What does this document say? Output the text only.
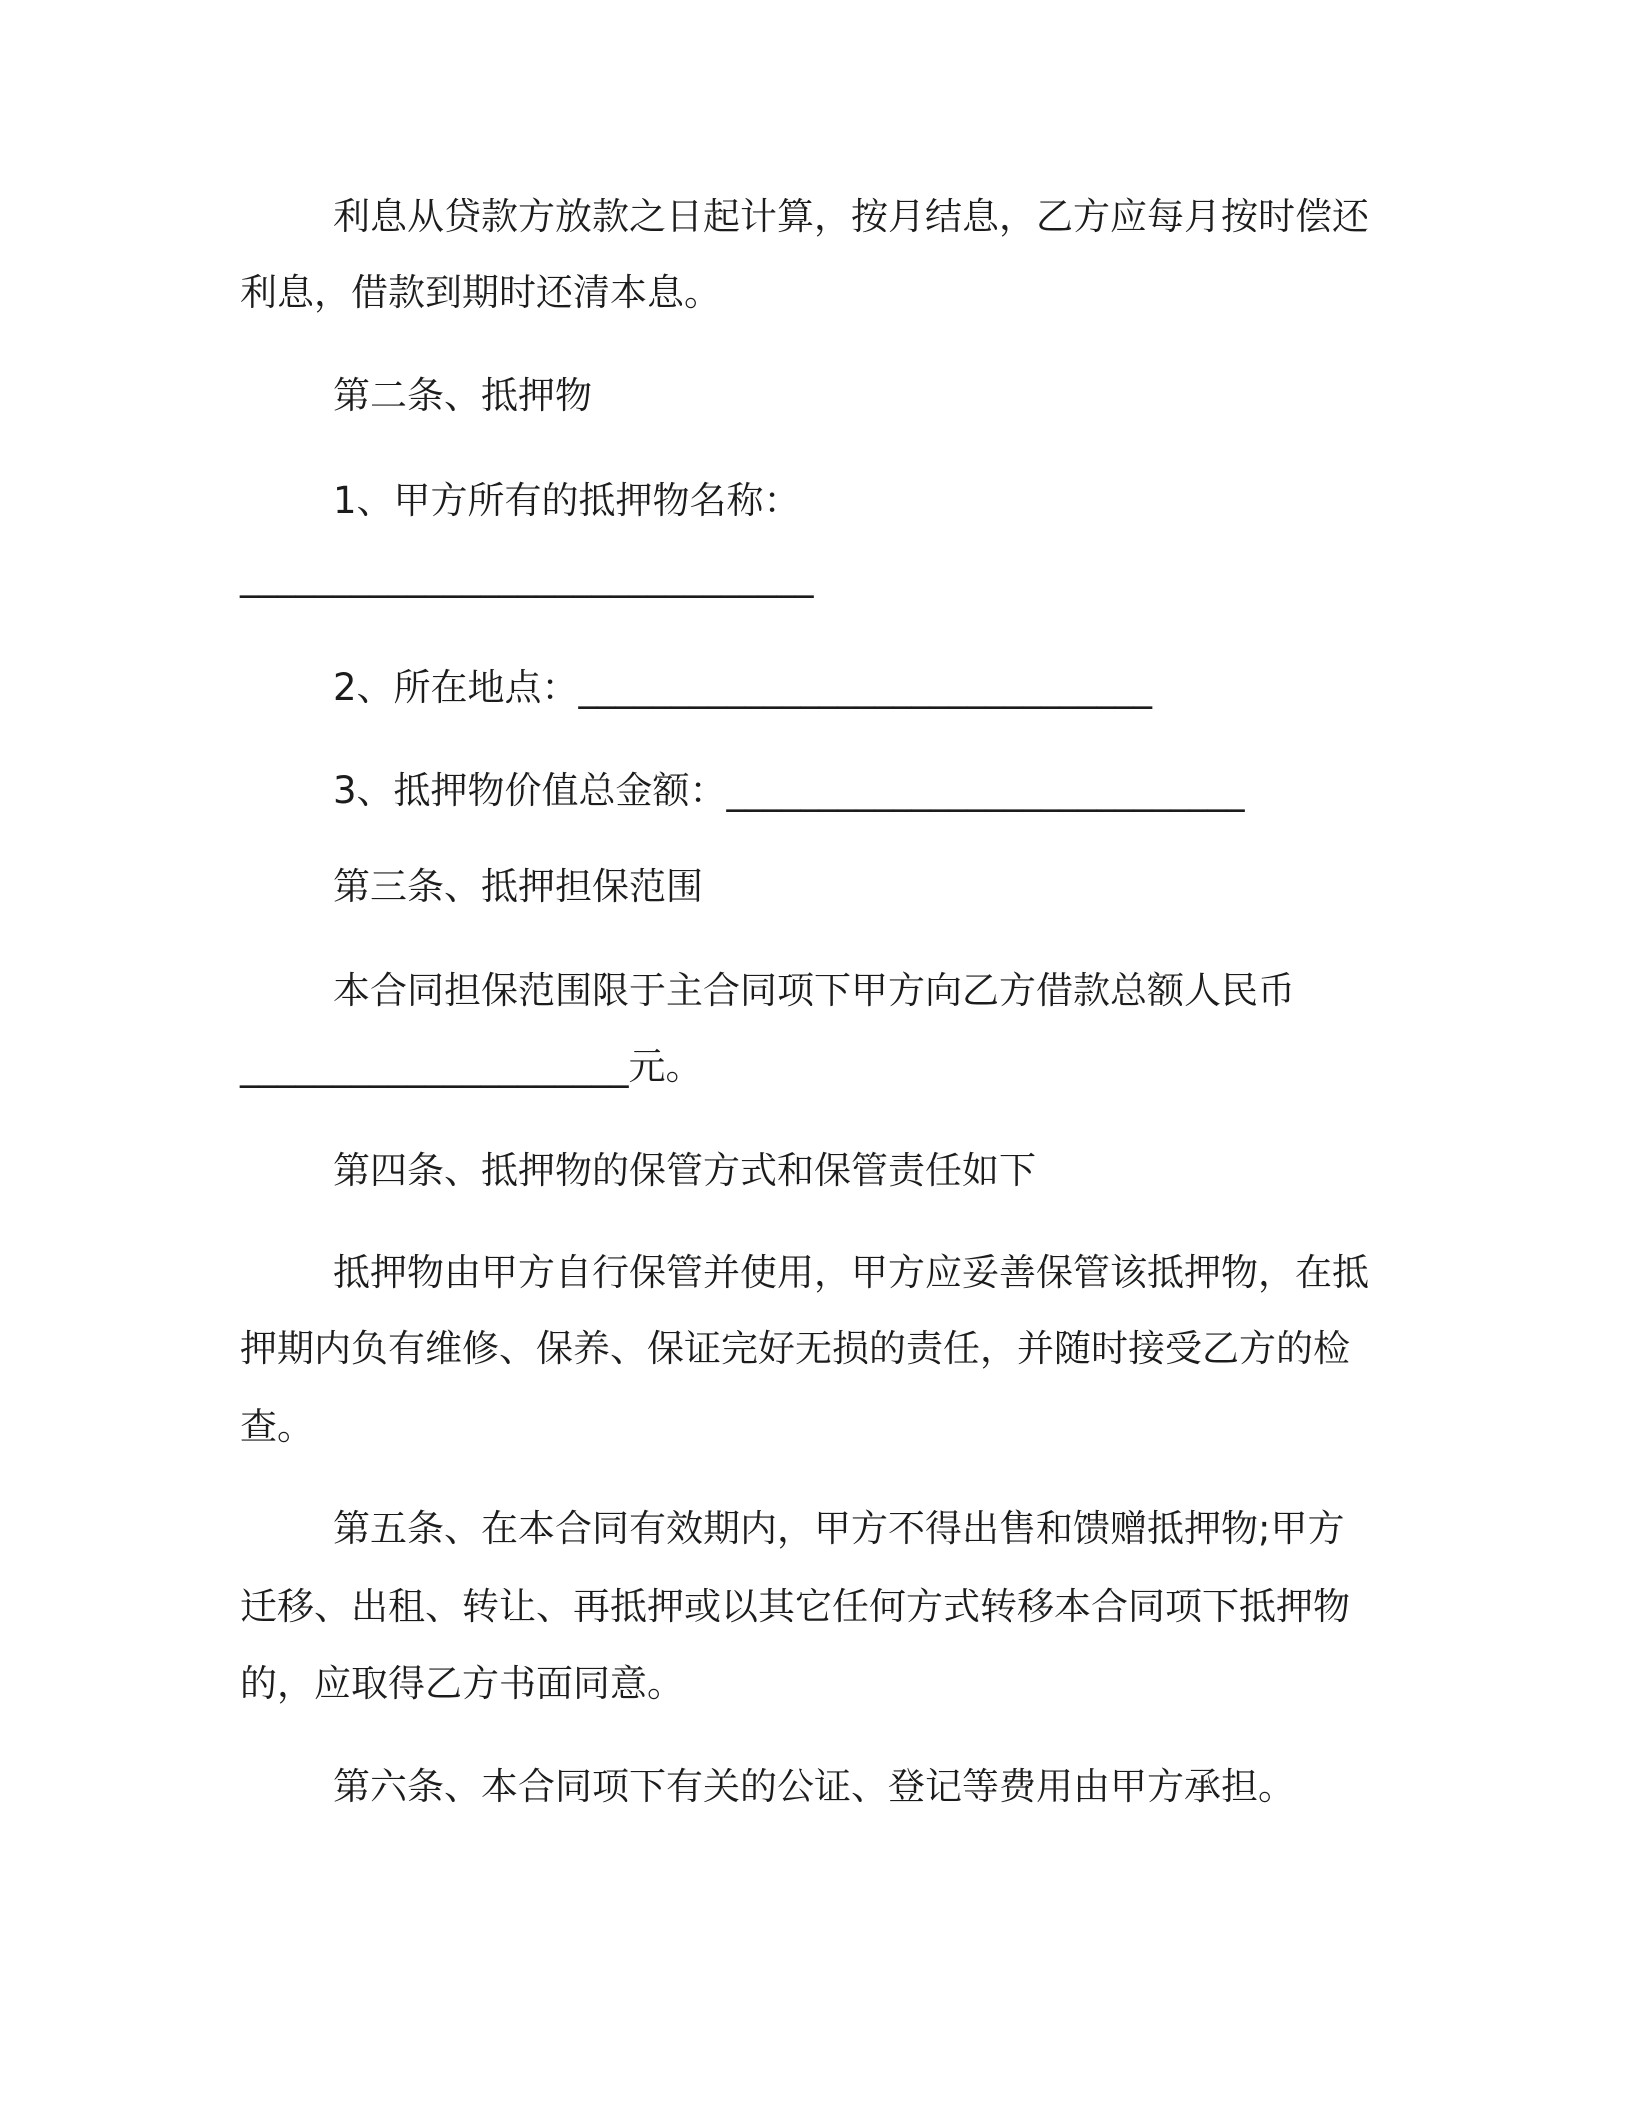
利息从贷款方放款之日起计算，按月结息，乙方应每月按时偿还
利息，借款到期时还清本息。
第二条、抵押物
1、甲方所有的抵押物名称：
_______________________________
2、所在地点：_______________________________
3、抵押物价值总金额：____________________________
第三条、抵押担保范围
本合同担保范围限于主合同项下甲方向乙方借款总额人民币
_____________________元。
第四条、抵押物的保管方式和保管责任如下
抵押物由甲方自行保管并使用，甲方应妥善保管该抵押物，在抵
押期内负有维修、保养、保证完好无损的责任，并随时接受乙方的检
查。
第五条、在本合同有效期内，甲方不得出售和馈赠抵押物;甲方
迁移、出租、转让、再抵押或以其它任何方式转移本合同项下抵押物
的，应取得乙方书面同意。
第六条、本合同项下有关的公证、登记等费用由甲方承担。
